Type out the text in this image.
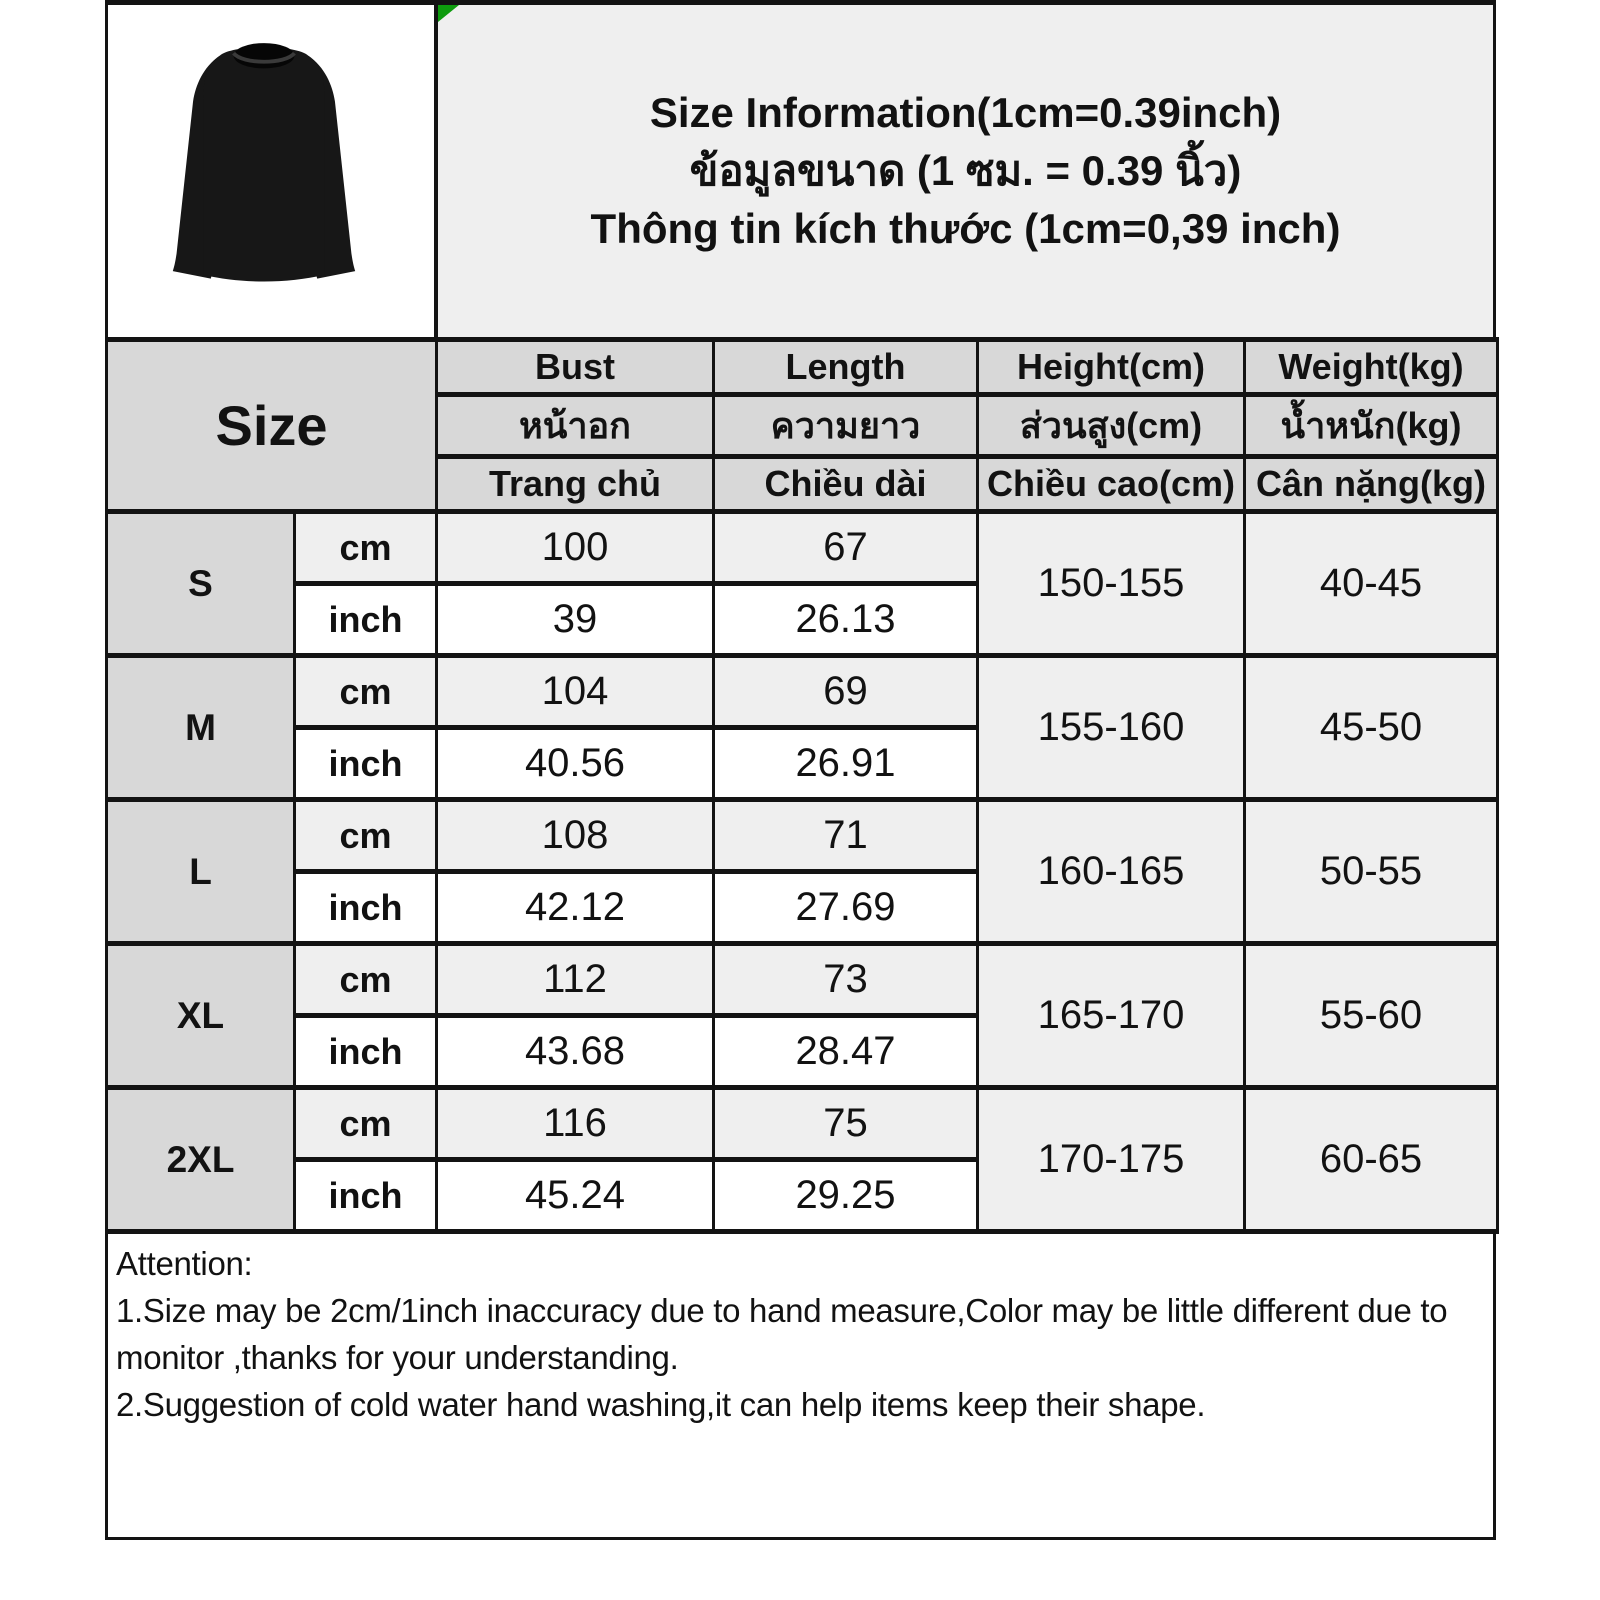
Size Information(1cm=0.39inch)
ข้อมูลขนาด (1 ซม. = 0.39 นิ้ว)
Thông tin kích thước (1cm=0,39 inch)
Size		Bust	Length	Height(cm)	Weight(kg)
		หน้าอก	ความยาว	ส่วนสูง(cm)	น้ำหนัก(kg)
		Trang chủ	Chiều dài	Chiều cao(cm)	Cân nặng(kg)
S	cm	100	67	150-155	40-45
	inch	39	26.13		
M	cm	104	69	155-160	45-50
	inch	40.56	26.91		
L	cm	108	71	160-165	50-55
	inch	42.12	27.69		
XL	cm	112	73	165-170	55-60
	inch	43.68	28.47		
2XL	cm	116	75	170-175	60-65
	inch	45.24	29.25		
Attention:
1.Size may be 2cm/1inch inaccuracy due to hand measure,Color may be little different due to monitor ,thanks for your understanding.
2.Suggestion of cold water hand washing,it can help items keep their shape.
